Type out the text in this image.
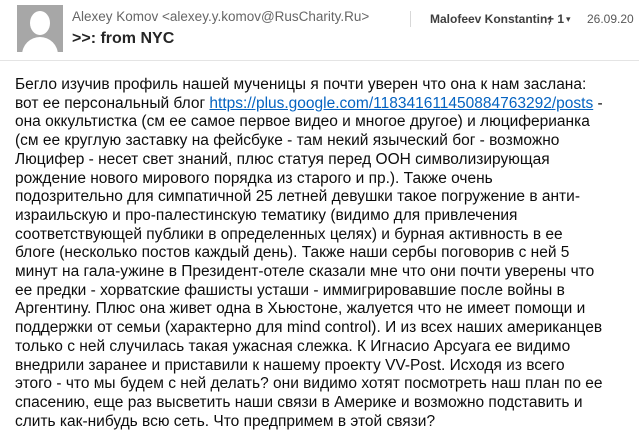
Alexey Komov <alexey.y.komov@RusCharity.Ru>
>>: from NYC
Malofeev Konstantin;
+ 1 ▾ 26.09.20
Бегло изучив профиль нашей мученицы я почти уверен что она к нам заслана:
вот ее персональный блог https://plus.google.com/118341611450884763292/posts -
она оккультистка (см ее самое первое видео и многое другое) и люциферианка
(см ее круглую заставку на фейсбуке - там некий языческий бог - возможно
Люцифер - несет свет знаний, плюс статуя перед ООН символизирующая
рождение нового мирового порядка из старого и пр.). Также очень
подозрительно для симпатичной 25 летней девушки такое погружение в анти-
израильскую и про-палестинскую тематику (видимо для привлечения
соответствующей публики в определенных целях) и бурная активность в ее
блоге (несколько постов каждый день). Также наши сербы поговорив с ней 5
минут на гала-ужине в Президент-отеле сказали мне что они почти уверены что
ее предки - хорватские фашисты усташи - иммигрировавшие после войны в
Аргентину. Плюс она живет одна в Хьюстоне, жалуется что не имеет помощи и
поддержки от семьи (характерно для mind control). И из всех наших американцев
только с ней случилась такая ужасная слежка. К Игнасио Арсуага ее видимо
внедрили заранее и приставили к нашему проекту VV-Post. Исходя из всего
этого - что мы будем с ней делать? они видимо хотят посмотреть наш план по ее
спасению, еще раз высветить наши связи в Америке и возможно подставить и
слить как-нибудь всю сеть. Что предпримем в этой связи?
